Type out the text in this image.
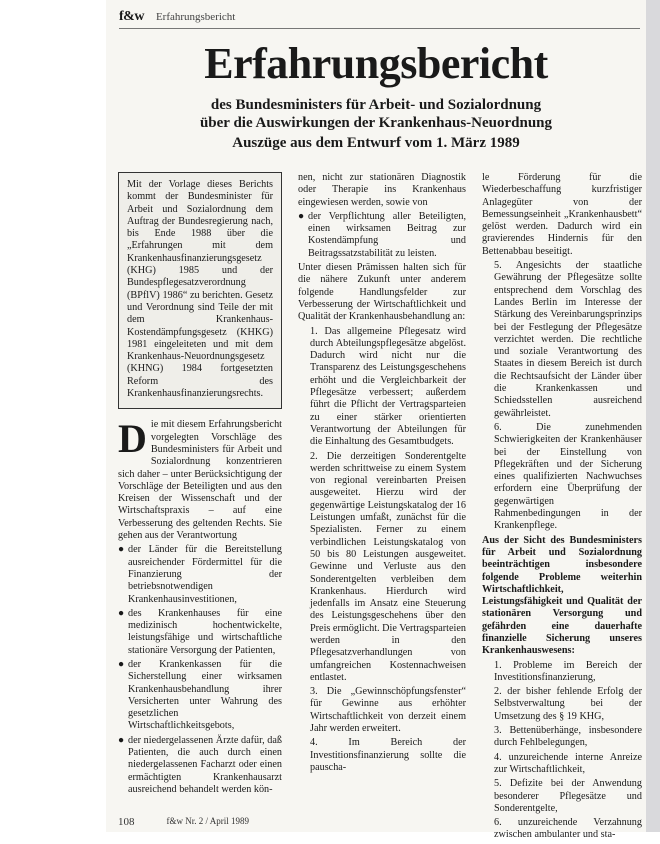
f&w Erfahrungsbericht
Erfahrungsbericht
des Bundesministers für Arbeit- und Sozialordnung
über die Auswirkungen der Krankenhaus-Neuordnung
Auszüge aus dem Entwurf vom 1. März 1989

Mit der Vorlage dieses Berichts kommt der Bundesminister für Arbeit und Sozialordnung dem Auftrag der Bundesregierung nach, bis Ende 1988 über die „Erfahrungen mit dem Krankenhausfinanzierungsgesetz (KHG) 1985 und der Bundespflegesatzverordnung (BPflV) 1986“ zu berichten. Gesetz und Verordnung sind Teile der mit dem Krankenhaus-Kostendämpfungsgesetz (KHKG) 1981 eingeleiteten und mit dem Krankenhaus-Neuordnungsgesetz (KHNG) 1984 fortgesetzten Reform des Krankenhausfinanzierungsrechts.

Die mit diesem Erfahrungsbericht vorgelegten Vorschläge des Bundesministers für Arbeit und Sozialordnung konzentrieren sich daher – unter Berücksichtigung der Vorschläge der Beteiligten und aus den Kreisen der Wissenschaft und der Wirtschaftspraxis – auf eine Verbesserung des geltenden Rechts. Sie gehen aus der Verantwortung

● der Länder für die Bereitstellung ausreichender Fördermittel für die Finanzierung der betriebsnotwendigen Krankenhausinvestitionen,
● des Krankenhauses für eine medizinisch hochentwickelte, leistungsfähige und wirtschaftliche stationäre Versorgung der Patienten,
● der Krankenkassen für die Sicherstellung einer wirksamen Krankenhausbehandlung ihrer Versicherten unter Wahrung des gesetzlichen Wirtschaftlichkeitsgebots,
● der niedergelassenen Ärzte dafür, daß Patienten, die auch durch einen niedergelassenen Facharzt oder einen ermächtigten Krankenhausarzt ausreichend behandelt werden kön-

nen, nicht zur stationären Diagnostik oder Therapie ins Krankenhaus eingewiesen werden, sowie von

● der Verpflichtung aller Beteiligten, einen wirksamen Beitrag zur Kostendämpfung und Beitragssatzstabilität zu leisten.

Unter diesen Prämissen halten sich für die nähere Zukunft unter anderem folgende Handlungsfelder zur Verbesserung der Wirtschaftlichkeit und Qualität der Krankenhausbehandlung an:

1. Das allgemeine Pflegesatz wird durch Abteilungspflegesätze abgelöst. Dadurch wird nicht nur die Transparenz des Leistungsgeschehens erhöht und die Vergleichbarkeit der Pflegesätze verbessert; außerdem führt die Pflicht der Vertragsparteien zu einer stärker orientierten Verantwortung der Abteilungen für die Einhaltung des Gesamtbudgets.
2. Die derzeitigen Sonderentgelte werden schrittweise zu einem System von regional vereinbarten Preisen ausgeweitet. Hierzu wird der gegenwärtige Leistungskatalog der 16 Leistungen umfaßt, zunächst für die Spezialisten. Ferner zu einem verbindlichen Leistungskatalog von 50 bis 80 Leistungen ausgeweitet. Gewinne und Verluste aus den Sonderentgelten verbleiben dem Krankenhaus. Hierdurch wird jedenfalls im Ansatz eine Steuerung des Leistungsgeschehens über den Preis ermöglicht. Die Vertragsparteien werden in den Pflegesatzverhandlungen von umfangreichen Kostennachweisen entlastet.
3. Die „Gewinnschöpfungsfenster“ für Gewinne aus erhöhter Wirtschaftlichkeit von derzeit einem Jahr werden erweitert.
4. Im Bereich der Investitionsfinanzierung sollte die pauscha-

le Förderung für die Wiederbeschaffung kurzfristiger Anlagegüter von der Bemessungseinheit „Krankenhausbett“ gelöst werden. Dadurch wird ein gravierendes Hindernis für den Bettenabbau beseitigt.

5. Angesichts der staatliche Gewährung der Pflegesätze sollte entsprechend dem Vorschlag des Landes Berlin im Interesse der Stärkung des Vereinbarungsprinzips bei der Festlegung der Pflegesätze verzichtet werden. Die rechtliche und soziale Verantwortung des Staates in diesem Bereich ist durch die Rechtsaufsicht der Länder über die Krankenkassen und Schiedsstellen ausreichend gewährleistet.
6. Die zunehmenden Schwierigkeiten der Krankenhäuser bei der Einstellung von Pflegekräften und der Sicherung eines qualifizierten Nachwuchses erfordern eine Überprüfung der gegenwärtigen Rahmenbedingungen in der Krankenpflege.

Aus der Sicht des Bundesministers für Arbeit und Sozialordnung beeinträchtigen insbesondere folgende Probleme weiterhin Wirtschaftlichkeit, Leistungsfähigkeit und Qualität der stationären Versorgung und gefährden eine dauerhafte finanzielle Sicherung unseres Krankenhauswesens:

1. Probleme im Bereich der Investitionsfinanzierung,
2. der bisher fehlende Erfolg der Selbstverwaltung bei der Umsetzung des § 19 KHG,
3. Bettenüberhänge, insbesondere durch Fehlbelegungen,
4. unzureichende interne Anreize zur Wirtschaftlichkeit,
5. Defizite bei der Anwendung besonderer Pflegesätze und Sonderentgelte,
6. unzureichende Verzahnung zwischen ambulanter und sta-
108	f&w Nr. 2 / April 1989
